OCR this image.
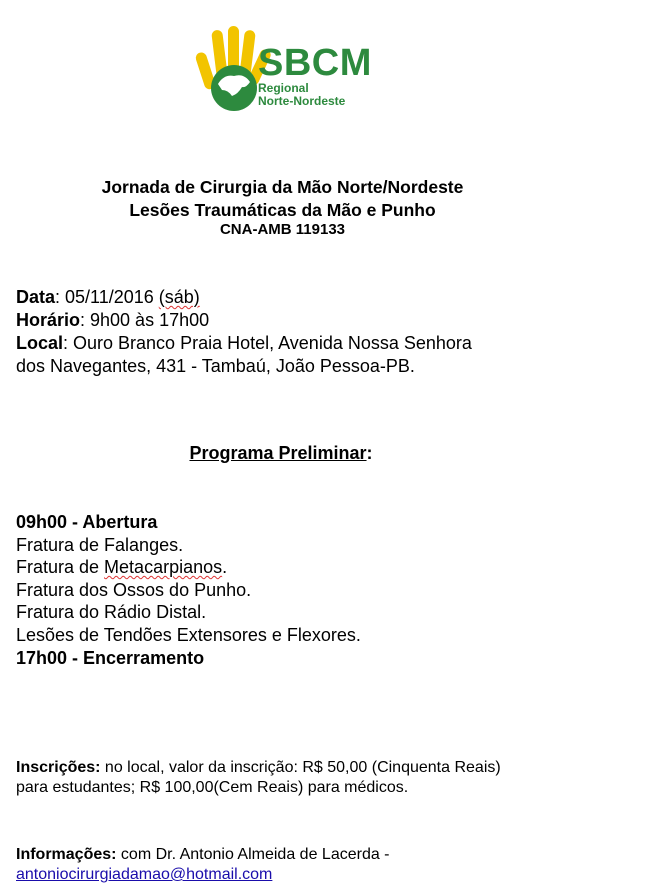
SBCM
Regional
Norte-Nordeste
Jornada de Cirurgia da Mão Norte/Nordeste
Lesões Traumáticas da Mão e Punho
CNA-AMB 119133
Data: 05/11/2016 (sáb)
Horário: 9h00 às 17h00
Local: Ouro Branco Praia Hotel, Avenida Nossa Senhora
dos Navegantes, 431 - Tambaú, João Pessoa-PB.
Programa Preliminar:
09h00 - Abertura
Fratura de Falanges.
Fratura de Metacarpianos.
Fratura dos Ossos do Punho.
Fratura do Rádio Distal.
Lesões de Tendões Extensores e Flexores.
17h00 - Encerramento
Inscrições: no local, valor da inscrição: R$ 50,00 (Cinquenta Reais)
para estudantes; R$ 100,00(Cem Reais) para médicos.
Informações: com Dr. Antonio Almeida de Lacerda -
antoniocirurgiadamao@hotmail.com
